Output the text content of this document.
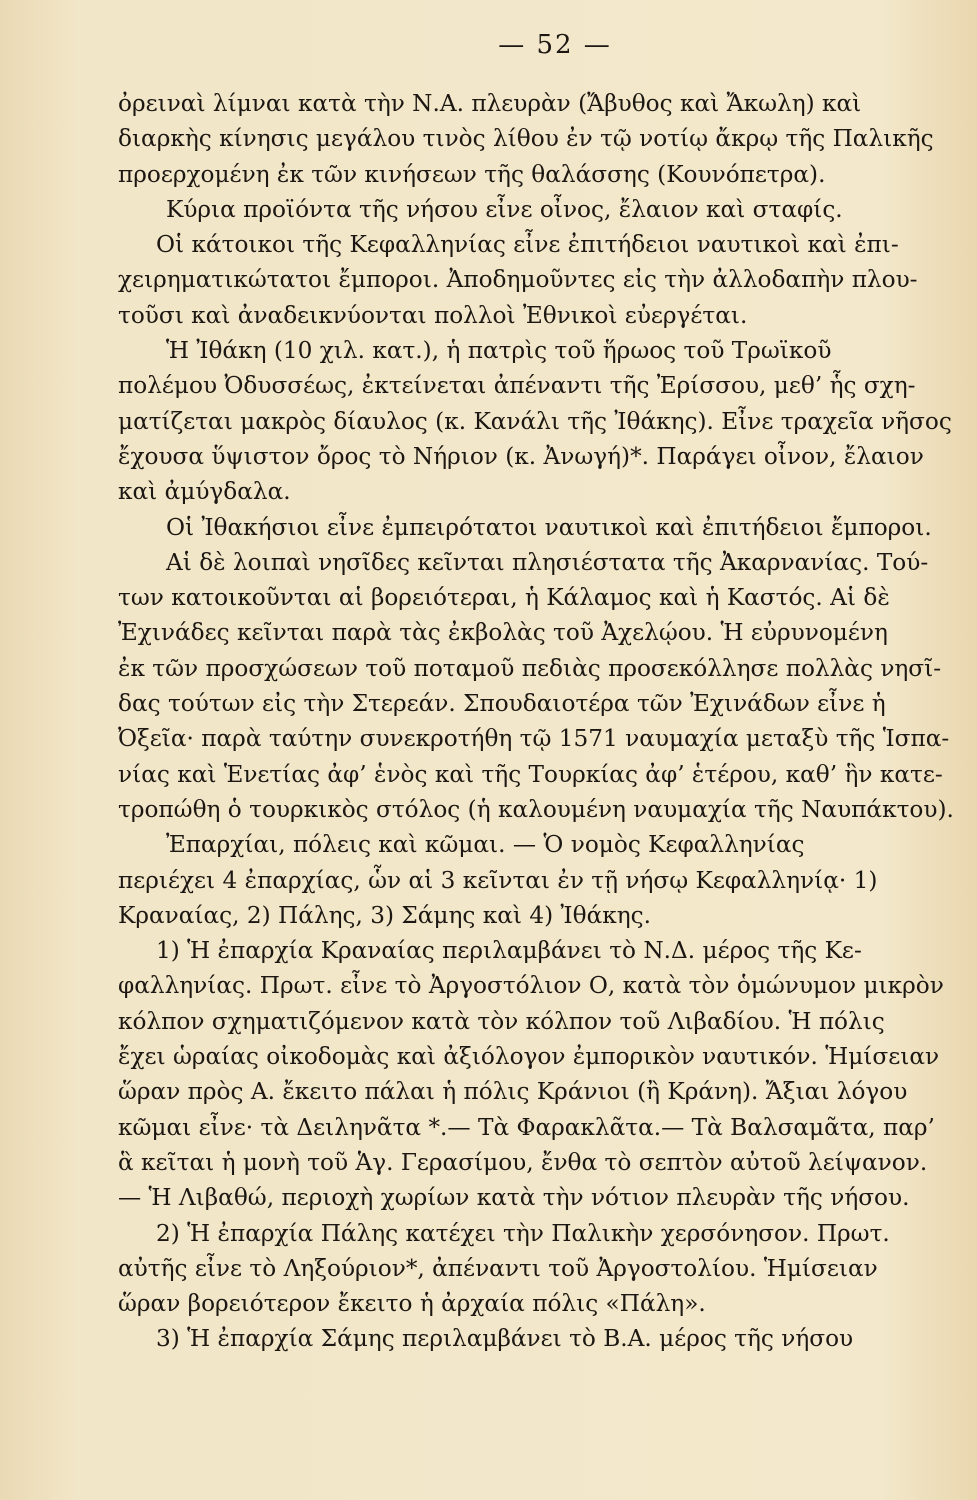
— 52 —
ὀρειναὶ λίμναι κατὰ τὴν Ν.Α. πλευρὰν (Ἄβυθος καὶ Ἄκωλη) καὶ
διαρκὴς κίνησις μεγάλου τινὸς λίθου ἐν τῷ νοτίῳ ἄκρῳ τῆς Παλικῆς
προερχομένη ἐκ τῶν κινήσεων τῆς θαλάσσης (Κουνόπετρα).
Κύρια προϊόντα τῆς νήσου εἶνε οἶνος, ἔλαιον καὶ σταφίς.
Οἱ κάτοικοι τῆς Κεφαλληνίας εἶνε ἐπιτήδειοι ναυτικοὶ καὶ ἐπι-
χειρηματικώτατοι ἔμποροι. Ἀποδημοῦντες εἰς τὴν ἀλλοδαπὴν πλου-
τοῦσι καὶ ἀναδεικνύονται πολλοὶ Ἐθνικοὶ εὐεργέται.
Ἡ Ἰθάκη (10 χιλ. κατ.), ἡ πατρὶς τοῦ ἥρωος τοῦ Τρωϊκοῦ
πολέμου Ὀδυσσέως, ἐκτείνεται ἀπέναντι τῆς Ἐρίσσου, μεθ’ ἧς σχη-
ματίζεται μακρὸς δίαυλος (κ. Κανάλι τῆς Ἰθάκης). Εἶνε τραχεῖα νῆσος
ἔχουσα ὕψιστον ὄρος τὸ Νήριον (κ. Ἀνωγή)*. Παράγει οἶνον, ἔλαιον
καὶ ἀμύγδαλα.
Οἱ Ἰθακήσιοι εἶνε ἐμπειρότατοι ναυτικοὶ καὶ ἐπιτήδειοι ἔμποροι.
Αἱ δὲ λοιπαὶ νησῖδες κεῖνται πλησιέστατα τῆς Ἀκαρνανίας. Τού-
των κατοικοῦνται αἱ βορειότεραι, ἡ Κάλαμος καὶ ἡ Καστός. Αἱ δὲ
Ἐχινάδες κεῖνται παρὰ τὰς ἐκβολὰς τοῦ Ἀχελῴου. Ἡ εὐρυνομένη
ἐκ τῶν προσχώσεων τοῦ ποταμοῦ πεδιὰς προσεκόλλησε πολλὰς νησῖ-
δας τούτων εἰς τὴν Στερεάν. Σπουδαιοτέρα τῶν Ἐχινάδων εἶνε ἡ
Ὀξεῖα· παρὰ ταύτην συνεκροτήθη τῷ 1571 ναυμαχία μεταξὺ τῆς Ἱσπα-
νίας καὶ Ἑνετίας ἀφ’ ἑνὸς καὶ τῆς Τουρκίας ἀφ’ ἑτέρου, καθ’ ἣν κατε-
τροπώθη ὁ τουρκικὸς στόλος (ἡ καλουμένη ναυμαχία τῆς Ναυπάκτου).
Ἐπαρχίαι, πόλεις καὶ κῶμαι. — Ὁ νομὸς Κεφαλληνίας
περιέχει 4 ἐπαρχίας, ὧν αἱ 3 κεῖνται ἐν τῇ νήσῳ Κεφαλληνίᾳ· 1)
Κραναίας, 2) Πάλης, 3) Σάμης καὶ 4) Ἰθάκης.
1) Ἡ ἐπαρχία Κραναίας περιλαμβάνει τὸ Ν.Δ. μέρος τῆς Κε-
φαλληνίας. Πρωτ. εἶνε τὸ Ἀργοστόλιον Ο, κατὰ τὸν ὁμώνυμον μικρὸν
κόλπον σχηματιζόμενον κατὰ τὸν κόλπον τοῦ Λιβαδίου. Ἡ πόλις
ἔχει ὡραίας οἰκοδομὰς καὶ ἀξιόλογον ἐμπορικὸν ναυτικόν. Ἡμίσειαν
ὥραν πρὸς Α. ἔκειτο πάλαι ἡ πόλις Κράνιοι (ἢ Κράνη). Ἄξιαι λόγου
κῶμαι εἶνε· τὰ Δειληνᾶτα *.— Τὰ Φαρακλᾶτα.— Τὰ Βαλσαμᾶτα, παρ’
ἃ κεῖται ἡ μονὴ τοῦ Ἁγ. Γερασίμου, ἔνθα τὸ σεπτὸν αὐτοῦ λείψανον.
— Ἡ Λιβαθώ, περιοχὴ χωρίων κατὰ τὴν νότιον πλευρὰν τῆς νήσου.
2) Ἡ ἐπαρχία Πάλης κατέχει τὴν Παλικὴν χερσόνησον. Πρωτ.
αὐτῆς εἶνε τὸ Ληξούριον*, ἀπέναντι τοῦ Ἀργοστολίου. Ἡμίσειαν
ὥραν βορειότερον ἔκειτο ἡ ἀρχαία πόλις «Πάλη».
3) Ἡ ἐπαρχία Σάμης περιλαμβάνει τὸ Β.Α. μέρος τῆς νήσου
